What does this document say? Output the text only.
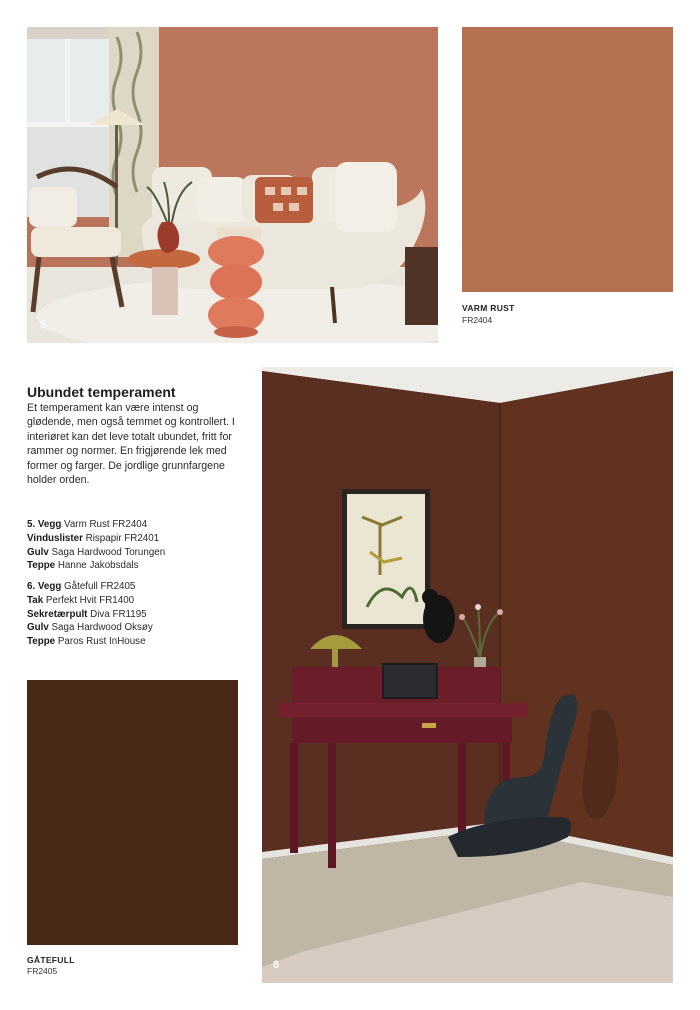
5
VARM RUST
FR2404
Ubundet temperament
Et temperament kan være intenst og glødende, men også temmet og kontrollert. I interiøret kan det leve totalt ubundet, fritt for rammer og normer. En frigjørende lek med former og farger. De jordlige grunnfargene holder orden.

5. Vegg Varm Rust FR2404

Vinduslister Rispapir FR2401

Gulv Saga Hardwood Torungen

Teppe Hanne Jakobsdals

6. Vegg Gåtefull FR2405

Tak Perfekt Hvit FR1400

Sekretærpult Diva FR1195

Gulv Saga Hardwood Oksøy

Teppe Paros Rust InHouse

GÅTEFULL
FR2405	6
